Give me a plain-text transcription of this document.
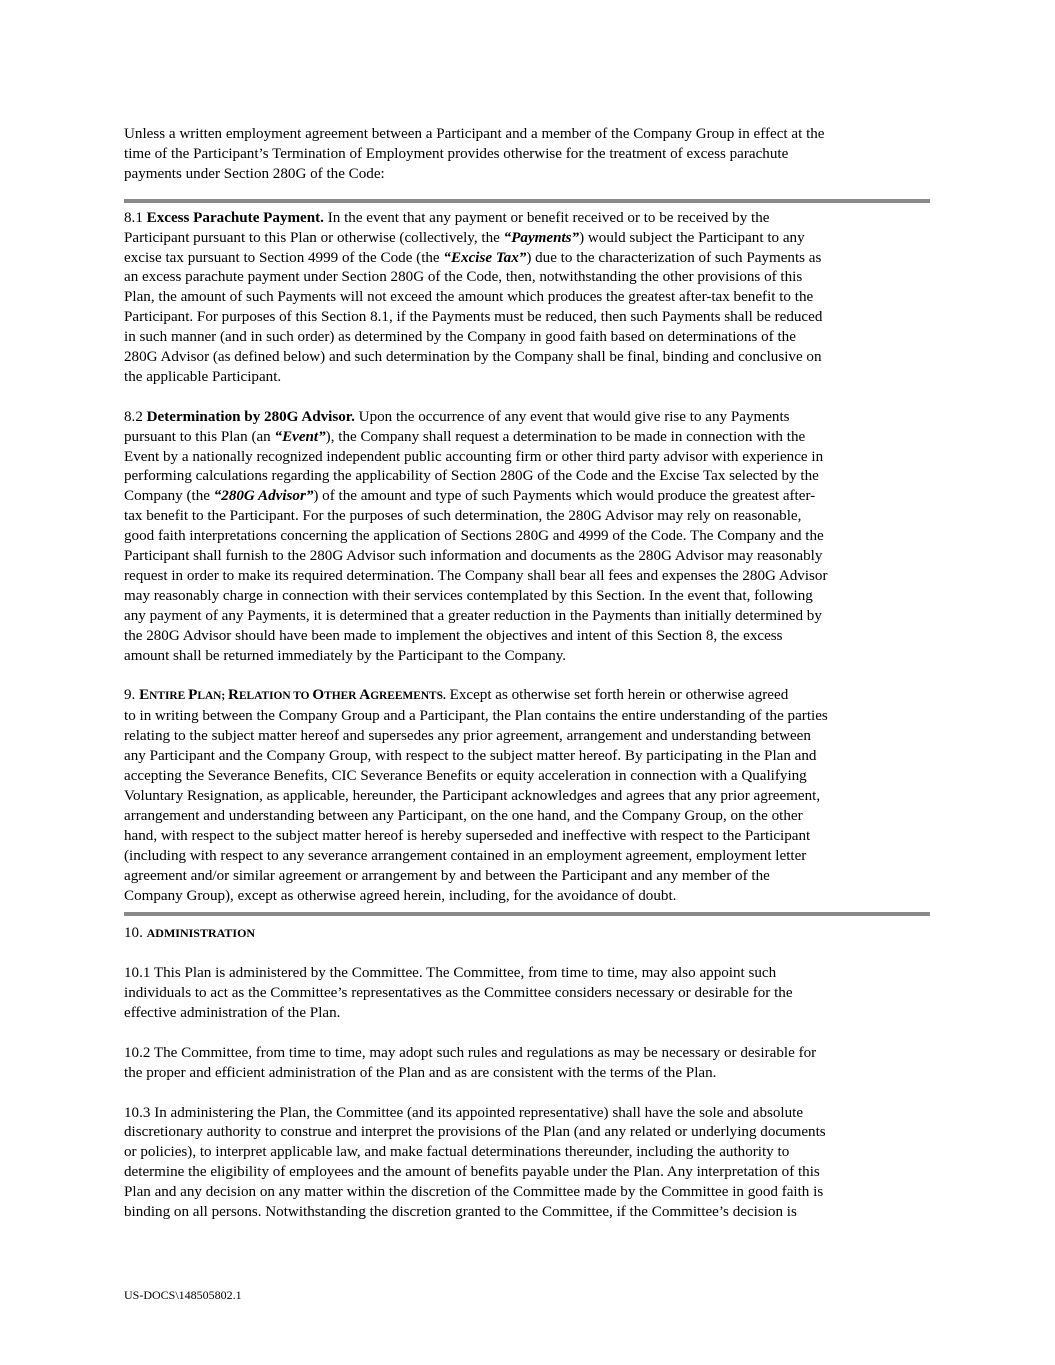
Unless a written employment agreement between a Participant and a member of the Company Group in effect at the
time of the Participant’s Termination of Employment provides otherwise for the treatment of excess parachute
payments under Section 280G of the Code:

8.1 Excess Parachute Payment. In the event that any payment or benefit received or to be received by the
Participant pursuant to this Plan or otherwise (collectively, the “Payments”) would subject the Participant to any
excise tax pursuant to Section 4999 of the Code (the “Excise Tax”) due to the characterization of such Payments as
an excess parachute payment under Section 280G of the Code, then, notwithstanding the other provisions of this
Plan, the amount of such Payments will not exceed the amount which produces the greatest after-tax benefit to the
Participant. For purposes of this Section 8.1, if the Payments must be reduced, then such Payments shall be reduced
in such manner (and in such order) as determined by the Company in good faith based on determinations of the
280G Advisor (as defined below) and such determination by the Company shall be final, binding and conclusive on
the applicable Participant.

8.2 Determination by 280G Advisor. Upon the occurrence of any event that would give rise to any Payments
pursuant to this Plan (an “Event”), the Company shall request a determination to be made in connection with the
Event by a nationally recognized independent public accounting firm or other third party advisor with experience in
performing calculations regarding the applicability of Section 280G of the Code and the Excise Tax selected by the
Company (the “280G Advisor”) of the amount and type of such Payments which would produce the greatest after-
tax benefit to the Participant. For the purposes of such determination, the 280G Advisor may rely on reasonable,
good faith interpretations concerning the application of Sections 280G and 4999 of the Code. The Company and the
Participant shall furnish to the 280G Advisor such information and documents as the 280G Advisor may reasonably
request in order to make its required determination. The Company shall bear all fees and expenses the 280G Advisor
may reasonably charge in connection with their services contemplated by this Section. In the event that, following
any payment of any Payments, it is determined that a greater reduction in the Payments than initially determined by
the 280G Advisor should have been made to implement the objectives and intent of this Section 8, the excess
amount shall be returned immediately by the Participant to the Company.

9. ENTIRE PLAN; RELATION TO OTHER AGREEMENTS. Except as otherwise set forth herein or otherwise agreed
to in writing between the Company Group and a Participant, the Plan contains the entire understanding of the parties
relating to the subject matter hereof and supersedes any prior agreement, arrangement and understanding between
any Participant and the Company Group, with respect to the subject matter hereof. By participating in the Plan and
accepting the Severance Benefits, CIC Severance Benefits or equity acceleration in connection with a Qualifying
Voluntary Resignation, as applicable, hereunder, the Participant acknowledges and agrees that any prior agreement,
arrangement and understanding between any Participant, on the one hand, and the Company Group, on the other
hand, with respect to the subject matter hereof is hereby superseded and ineffective with respect to the Participant
(including with respect to any severance arrangement contained in an employment agreement, employment letter
agreement and/or similar agreement or arrangement by and between the Participant and any member of the
Company Group), except as otherwise agreed herein, including, for the avoidance of doubt.

10. ADMINISTRATION

10.1 This Plan is administered by the Committee. The Committee, from time to time, may also appoint such
individuals to act as the Committee’s representatives as the Committee considers necessary or desirable for the
effective administration of the Plan.

10.2 The Committee, from time to time, may adopt such rules and regulations as may be necessary or desirable for
the proper and efficient administration of the Plan and as are consistent with the terms of the Plan.

10.3 In administering the Plan, the Committee (and its appointed representative) shall have the sole and absolute
discretionary authority to construe and interpret the provisions of the Plan (and any related or underlying documents
or policies), to interpret applicable law, and make factual determinations thereunder, including the authority to
determine the eligibility of employees and the amount of benefits payable under the Plan. Any interpretation of this
Plan and any decision on any matter within the discretion of the Committee made by the Committee in good faith is
binding on all persons. Notwithstanding the discretion granted to the Committee, if the Committee’s decision is

US-DOCS\148505802.1
